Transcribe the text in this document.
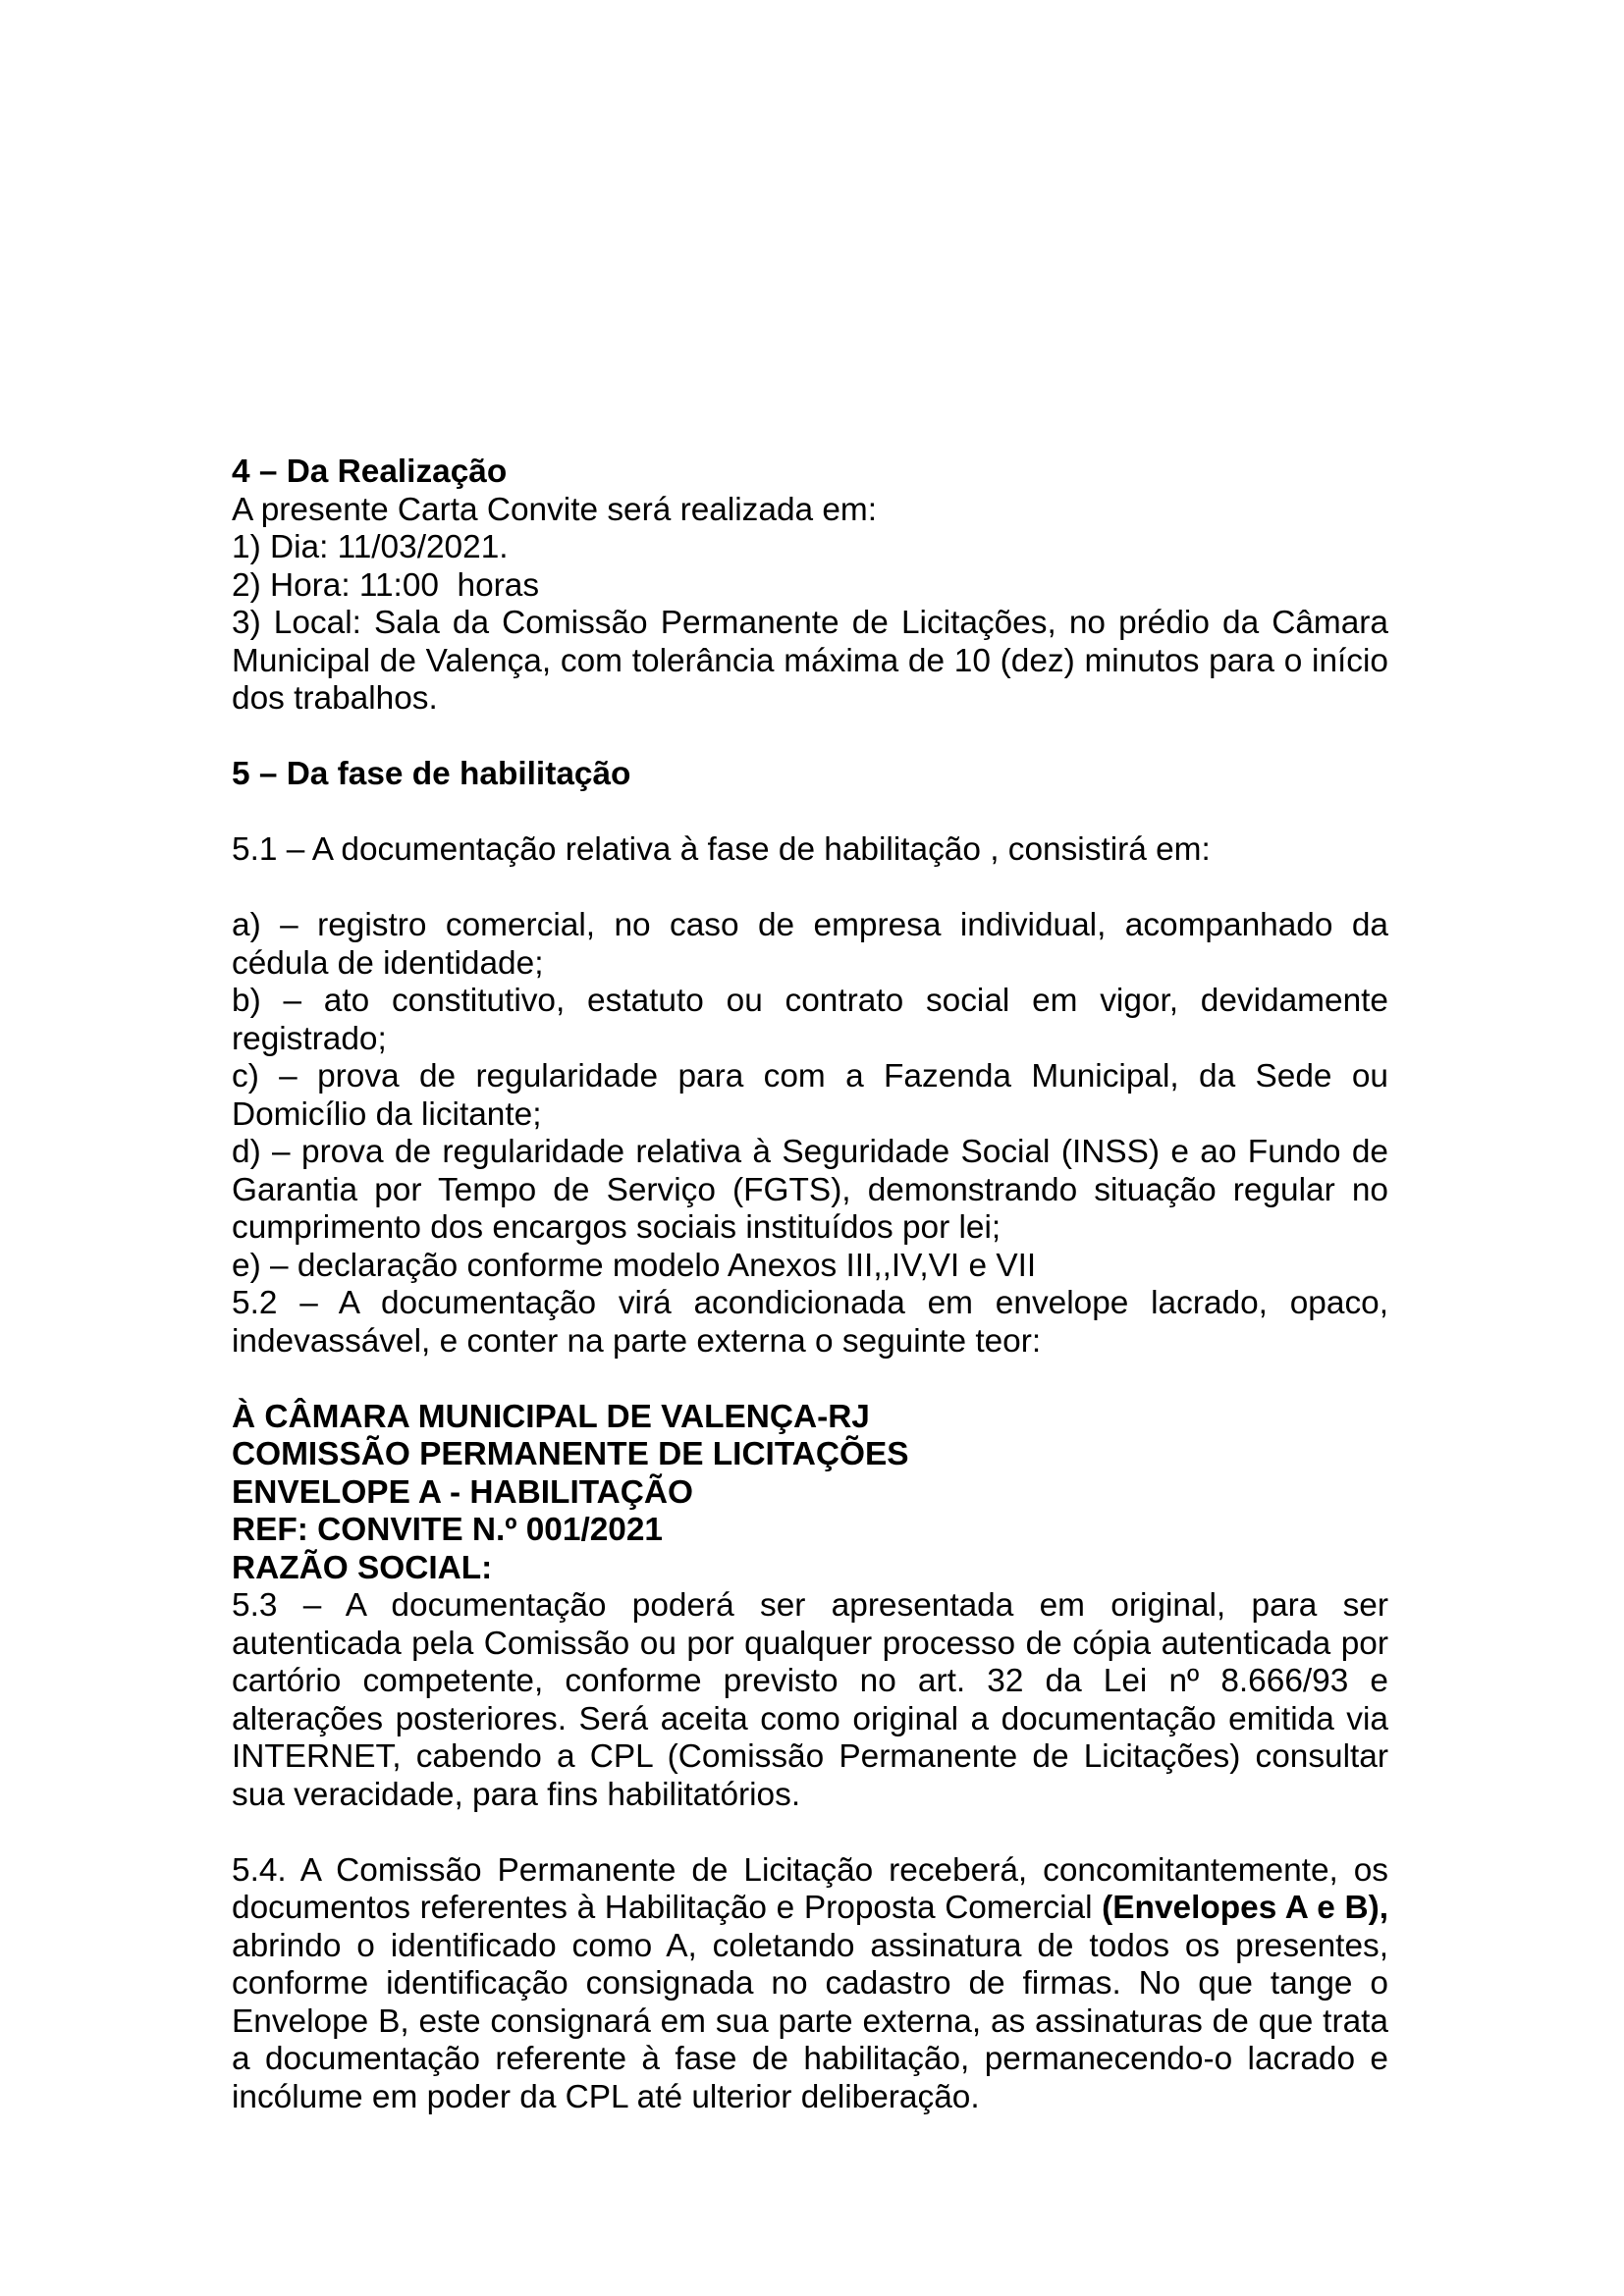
4 – Da Realização
A presente Carta Convite será realizada em:
1) Dia: 11/03/2021.
2) Hora: 11:00  horas
3) Local: Sala da Comissão Permanente de Licitações, no prédio da Câmara Municipal de Valença, com tolerância máxima de 10 (dez) minutos para o início dos trabalhos.
5 – Da fase de habilitação
5.1 – A documentação relativa à fase de habilitação , consistirá em:
a) – registro comercial, no caso de empresa individual, acompanhado da cédula de identidade;
b) – ato constitutivo, estatuto ou contrato social em vigor, devidamente registrado;
c) – prova de regularidade para com a Fazenda Municipal, da Sede ou Domicílio da licitante;
d) – prova de regularidade relativa à Seguridade Social (INSS) e ao Fundo de Garantia por Tempo de Serviço (FGTS), demonstrando situação regular no cumprimento dos encargos sociais instituídos por lei;
e) – declaração conforme modelo Anexos III,,IV,VI e VII
5.2 – A documentação virá acondicionada em envelope lacrado, opaco, indevassável, e conter na parte externa o seguinte teor:
À CÂMARA MUNICIPAL DE VALENÇA-RJ
COMISSÃO PERMANENTE DE LICITAÇÕES
ENVELOPE A - HABILITAÇÃO
REF: CONVITE N.º 001/2021
RAZÃO SOCIAL:
5.3 – A documentação poderá ser apresentada em original, para ser autenticada pela Comissão ou por qualquer processo de cópia autenticada por cartório competente, conforme previsto no art. 32 da Lei nº 8.666/93 e alterações posteriores. Será aceita como original a documentação emitida via INTERNET, cabendo a CPL (Comissão Permanente de Licitações) consultar sua veracidade, para fins habilitatórios.
5.4. A Comissão Permanente de Licitação receberá, concomitantemente, os documentos referentes à Habilitação e Proposta Comercial (Envelopes A e B), abrindo o identificado como A, coletando assinatura de todos os presentes, conforme identificação consignada no cadastro de firmas. No que tange o Envelope B, este consignará em sua parte externa, as assinaturas de que trata a documentação referente à fase de habilitação, permanecendo-o lacrado e incólume em poder da CPL até ulterior deliberação.
